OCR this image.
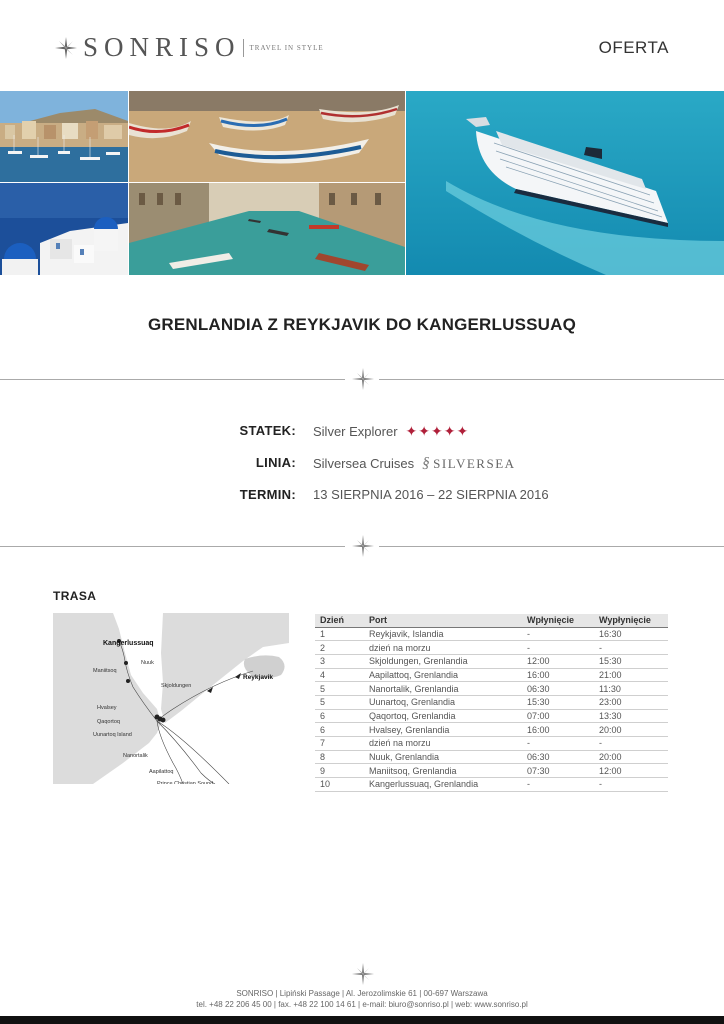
SONRISO TRAVEL IN STYLE	OFERTA
GRENLANDIA Z REYKJAVIK DO KANGERLUSSUAQ
STATEK: Silver Explorer ✦✦✦✦✦
LINIA: Silversea Cruises § SILVERSEA
TERMIN: 13 SIERPNIA 2016 – 22 SIERPNIA 2016
TRASA
Kangerlussuaq
Nuuk
Maniitsoq
Skjoldungen
Reykjavik
Hvalsey
Qaqortoq
Uunartoq Island
Nanortalik
Aapilattoq
Prince Christian Sound
Dzień	Port	Wpłynięcie	Wypłynięcie
1	Reykjavik, Islandia	-	16:30
2	dzień na morzu	-	-
3	Skjoldungen, Grenlandia	12:00	15:30
4	Aapilattoq, Grenlandia	16:00	21:00
5	Nanortalik, Grenlandia	06:30	11:30
5	Uunartoq, Grenlandia	15:30	23:00
6	Qaqortoq, Grenlandia	07:00	13:30
6	Hvalsey, Grenlandia	16:00	20:00
7	dzień na morzu	-	-
8	Nuuk, Grenlandia	06:30	20:00
9	Maniitsoq, Grenlandia	07:30	12:00
10	Kangerlussuaq, Grenlandia	-	-
SONRISO | Lipiński Passage | Al. Jerozolimskie 61 | 00-697 Warszawa
tel. +48 22 206 45 00 | fax. +48 22 100 14 61 | e-mail: biuro@sonriso.pl | web: www.sonriso.pl
